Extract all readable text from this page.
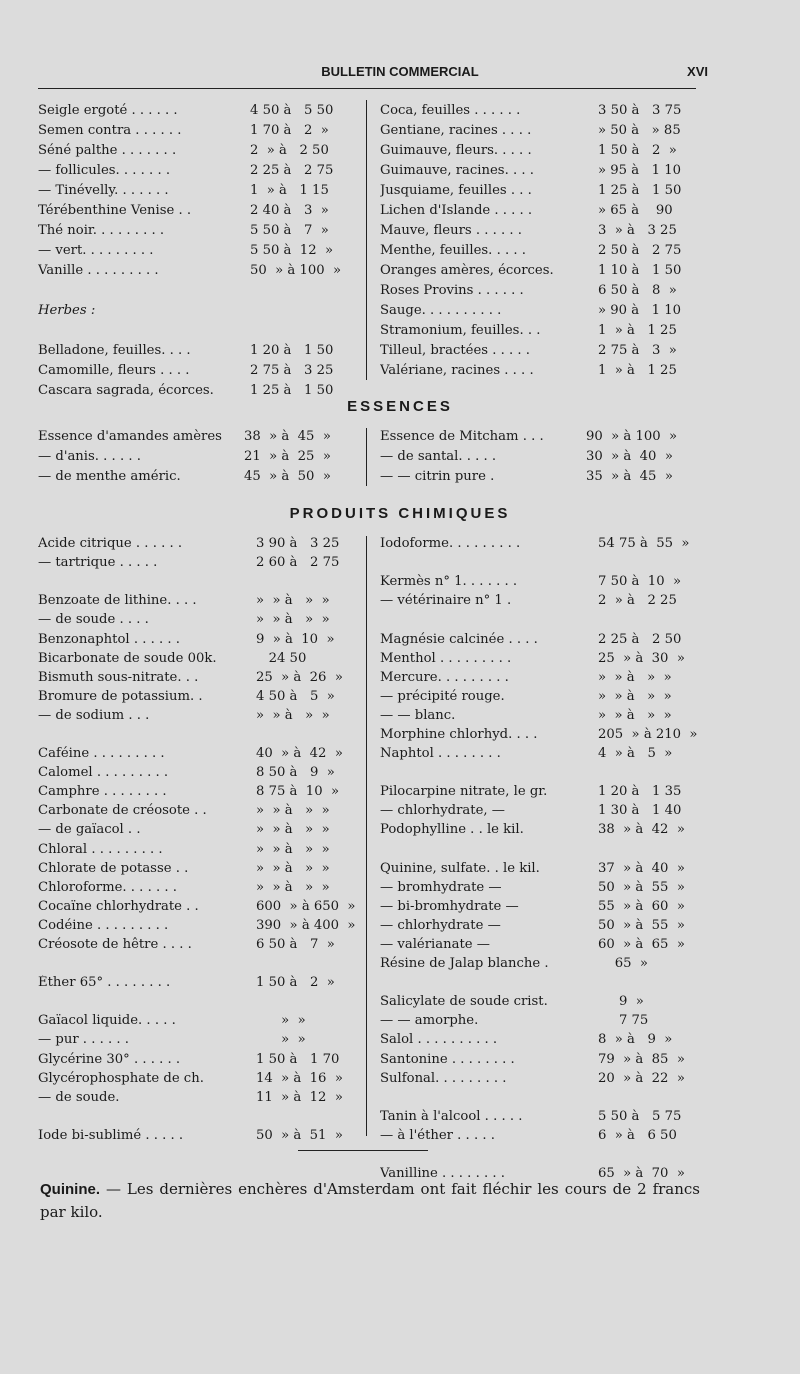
BULLETIN COMMERCIAL	XVI
Seigle ergoté . . . . . .	4 50 à   5 50
Semen contra . . . . . .	1 70 à   2  »
Séné palthe . . . . . . .	2  » à   2 50
— follicules. . . . . . .	2 25 à   2 75
— Tinévelly. . . . . . .	1  » à   1 15
Térébenthine Venise . .	2 40 à   3  »
Thé noir. . . . . . . . .	5 50 à   7  »
— vert. . . . . . . . .	5 50 à  12  »
Vanille . . . . . . . . .	50  » à 100  »
Herbes :
Belladone, feuilles. . . .	1 20 à   1 50
Camomille, fleurs . . . .	2 75 à   3 25
Cascara sagrada, écorces.	1 25 à   1 50
Coca, feuilles . . . . . .	3 50 à   3 75
Gentiane, racines . . . .	» 50 à   » 85
Guimauve, fleurs. . . . .	1 50 à   2  »
Guimauve, racines. . . .	» 95 à   1 10
Jusquiame, feuilles . . .	1 25 à   1 50
Lichen d'Islande . . . . .	» 65 à    90
Mauve, fleurs . . . . . .	3  » à   3 25
Menthe, feuilles. . . . .	2 50 à   2 75
Oranges amères, écorces.	1 10 à   1 50
Roses Provins . . . . . .	6 50 à   8  »
Sauge. . . . . . . . . .	» 90 à   1 10
Stramonium, feuilles. . .	1  » à   1 25
Tilleul, bractées . . . . .	2 75 à   3  »
Valériane, racines . . . .	1  » à   1 25
ESSENCES
Essence d'amandes amères	38  » à  45  »
— d'anis. . . . . .	21  » à  25  »
— de menthe améric.	45  » à  50  »
Essence de Mitcham . . .	90  » à 100  »
— de santal. . . . .	30  » à  40  »
— — citrin pure .	35  » à  45  »
PRODUITS CHIMIQUES
Acide citrique . . . . . .	3 90 à   3 25
— tartrique . . . . .	2 60 à   2 75
Benzoate de lithine. . . .	»  » à   »  »
— de soude . . . .	»  » à   »  »
Benzonaphtol . . . . . .	9  » à  10  »
Bicarbonate de soude 00k.	24 50
Bismuth sous-nitrate. . .	25  » à  26  »
Bromure de potassium. .	4 50 à   5  »
— de sodium . . .	»  » à   »  »
Caféine . . . . . . . . .	40  » à  42  »
Calomel . . . . . . . . .	8 50 à   9  »
Camphre . . . . . . . .	8 75 à  10  »
Carbonate de créosote . .	»  » à   »  »
— de gaïacol . .	»  » à   »  »
Chloral . . . . . . . . .	»  » à   »  »
Chlorate de potasse . .	»  » à   »  »
Chloroforme. . . . . . .	»  » à   »  »
Cocaïne chlorhydrate . .	600  » à 650  »
Codéine . . . . . . . . .	390  » à 400  »
Créosote de hêtre . . . .	6 50 à   7  »
Éther 65° . . . . . . . .	1 50 à   2  »
Gaïacol liquide. . . . .	»  »
— pur . . . . . .	»  »
Glycérine 30° . . . . . .	1 50 à   1 70
Glycérophosphate de ch.	14  » à  16  »
— de soude.	11  » à  12  »
Iode bi-sublimé . . . . .	50  » à  51  »
Iodoforme. . . . . . . . .	54 75 à  55  »
Kermès n° 1. . . . . . .	7 50 à  10  »
— vétérinaire n° 1 .	2  » à   2 25
Magnésie calcinée . . . .	2 25 à   2 50
Menthol . . . . . . . . .	25  » à  30  »
Mercure. . . . . . . . .	»  » à   »  »
— précipité rouge.	»  » à   »  »
— — blanc.	»  » à   »  »
Morphine chlorhyd. . . .	205  » à 210  »
Naphtol . . . . . . . .	4  » à   5  »
Pilocarpine nitrate, le gr.	1 20 à   1 35
— chlorhydrate, —	1 30 à   1 40
Podophylline . . le kil.	38  » à  42  »
Quinine, sulfate. . le kil.	37  » à  40  »
— bromhydrate —	50  » à  55  »
— bi-bromhydrate —	55  » à  60  »
— chlorhydrate —	50  » à  55  »
— valérianate —	60  » à  65  »
Résine de Jalap blanche .	65  »
Salicylate de soude crist.	9  »
— — amorphe.	7 75
Salol . . . . . . . . . .	8  » à   9  »
Santonine . . . . . . . .	79  » à  85  »
Sulfonal. . . . . . . . .	20  » à  22  »
Tanin à l'alcool . . . . .	5 50 à   5 75
— à l'éther . . . . .	6  » à   6 50
Vanilline . . . . . . . .	65  » à  70  »
Quinine. — Les dernières enchères d'Amsterdam ont fait fléchir les cours de 2 francs par kilo.
